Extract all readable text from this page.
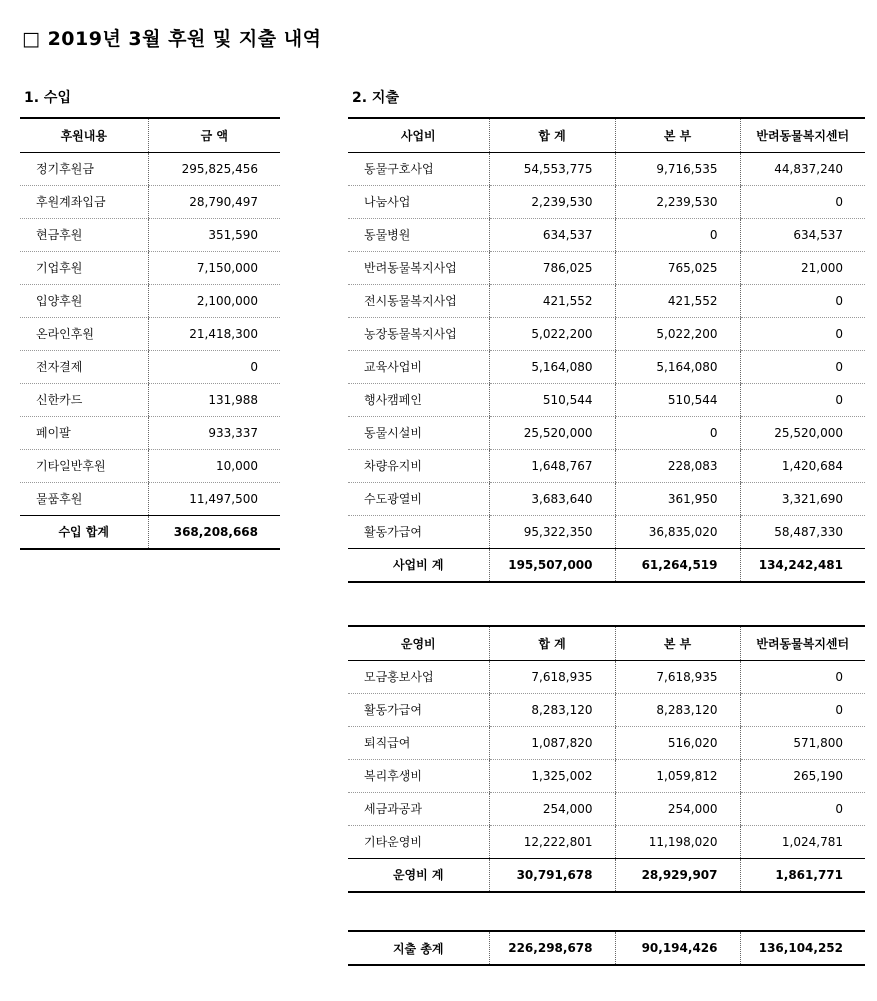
□ 2019년 3월 후원 및 지출 내역
1. 수입	2. 지출
후원내용	금 액
정기후원금	295,825,456
후원계좌입금	28,790,497
현금후원	351,590
기업후원	7,150,000
입양후원	2,100,000
온라인후원	21,418,300
전자결제	0
신한카드	131,988
페이팔	933,337
기타일반후원	10,000
물품후원	11,497,500
수입 합계	368,208,668
사업비	합 계	본 부	반려동물복지센터
동물구호사업	54,553,775	9,716,535	44,837,240
나눔사업	2,239,530	2,239,530	0
동물병원	634,537	0	634,537
반려동물복지사업	786,025	765,025	21,000
전시동물복지사업	421,552	421,552	0
농장동물복지사업	5,022,200	5,022,200	0
교육사업비	5,164,080	5,164,080	0
행사캠페인	510,544	510,544	0
동물시설비	25,520,000	0	25,520,000
차량유지비	1,648,767	228,083	1,420,684
수도광열비	3,683,640	361,950	3,321,690
활동가급여	95,322,350	36,835,020	58,487,330
사업비 계	195,507,000	61,264,519	134,242,481
운영비	합 계	본 부	반려동물복지센터
모금홍보사업	7,618,935	7,618,935	0
활동가급여	8,283,120	8,283,120	0
퇴직급여	1,087,820	516,020	571,800
복리후생비	1,325,002	1,059,812	265,190
세금과공과	254,000	254,000	0
기타운영비	12,222,801	11,198,020	1,024,781
운영비 계	30,791,678	28,929,907	1,861,771
지출 총계	226,298,678	90,194,426	136,104,252
